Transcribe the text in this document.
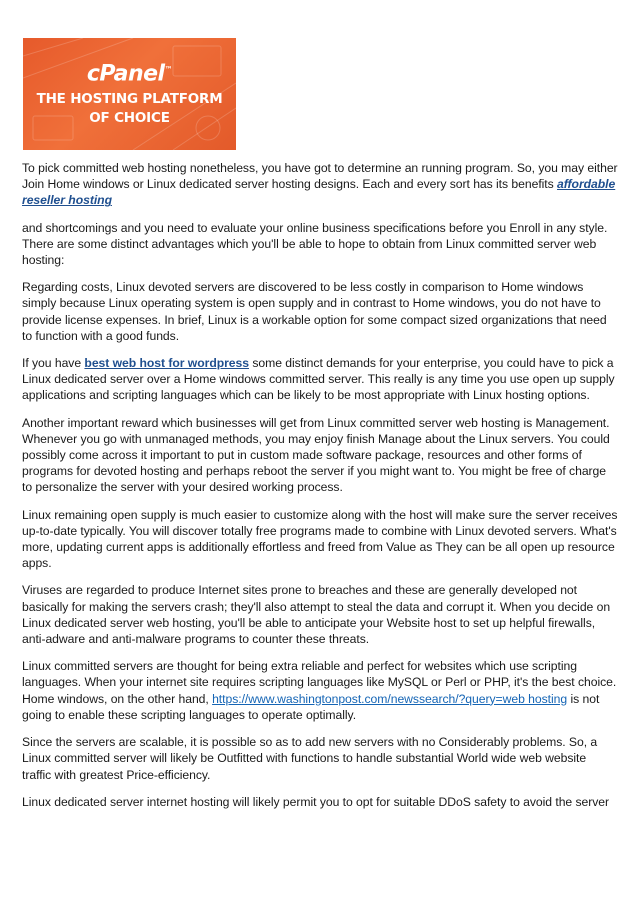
cPanel™
THE HOSTING PLATFORM
OF CHOICE

To pick committed web hosting nonetheless, you have got to determine an running program. So, you may either Join Home windows or Linux dedicated server hosting designs. Each and every sort has its benefits affordable reseller hosting

and shortcomings and you need to evaluate your online business specifications before you Enroll in any style. There are some distinct advantages which you'll be able to hope to obtain from Linux committed server web hosting:

Regarding costs, Linux devoted servers are discovered to be less costly in comparison to Home windows simply because Linux operating system is open supply and in contrast to Home windows, you do not have to provide license expenses. In brief, Linux is a workable option for some compact sized organizations that need to function with a good funds.

If you have best web host for wordpress some distinct demands for your enterprise, you could have to pick a Linux dedicated server over a Home windows committed server. This really is any time you use open up supply applications and scripting languages which can be likely to be most appropriate with Linux hosting options.

Another important reward which businesses will get from Linux committed server web hosting is Management. Whenever you go with unmanaged methods, you may enjoy finish Manage about the Linux servers. You could possibly come across it important to put in custom made software package, resources and other forms of programs for devoted hosting and perhaps reboot the server if you might want to. You might be free of charge to personalize the server with your desired working process.

Linux remaining open supply is much easier to customize along with the host will make sure the server receives up-to-date typically. You will discover totally free programs made to combine with Linux devoted servers. What's more, updating current apps is additionally effortless and freed from Value as They can be all open up resource apps.

Viruses are regarded to produce Internet sites prone to breaches and these are generally developed not basically for making the servers crash; they'll also attempt to steal the data and corrupt it. When you decide on Linux dedicated server web hosting, you'll be able to anticipate your Website host to set up helpful firewalls, anti-adware and anti-malware programs to counter these threats.

Linux committed servers are thought for being extra reliable and perfect for websites which use scripting languages. When your internet site requires scripting languages like MySQL or Perl or PHP, it's the best choice. Home windows, on the other hand, https://www.washingtonpost.com/newssearch/?query=web hosting is not going to enable these scripting languages to operate optimally.

Since the servers are scalable, it is possible so as to add new servers with no Considerably problems. So, a Linux committed server will likely be Outfitted with functions to handle substantial World wide web website traffic with greatest Price-efficiency.

Linux dedicated server internet hosting will likely permit you to opt for suitable DDoS safety to avoid the server
